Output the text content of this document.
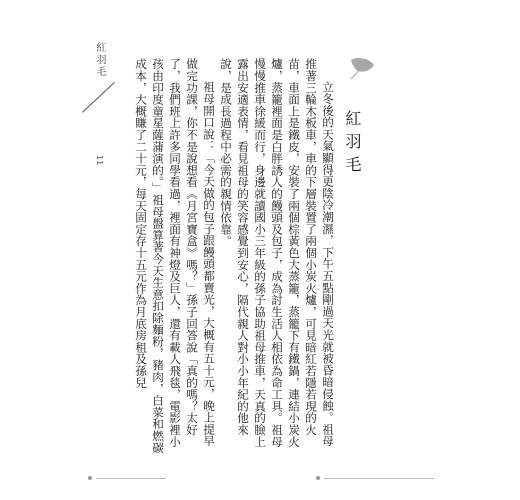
紅羽毛
11	紅羽毛

立冬後的天氣顯得更陰冷潮濕，下午五點剛過天光就被昏暗侵蝕。祖母推著三輪木板車，車的下層裝置了兩個小炭火爐，可見暗紅若隱若現的火苗，車面上是鐵皮，安裝了兩個棕黃色大蒸籠，蒸籠下有鐵鍋，連結小炭火爐，蒸籠裡面是白胖誘人的饅頭及包子，成為討生活人相依為命工具。祖母慢慢推車徐緩而行，身邊就讀國小三年級的孫子協助祖母推車，天真的臉上露出安適表情，看見祖母的笑容感覺到安心，隔代親人對小小年紀的他來說，是成長過程中必需的親情依靠。

祖母開口說：「今天做的包子跟饅頭都賣光，大概有五十元，晚上提早做完功課，你不是說想看《月宮寶盒》嗎？」孫子回答說「真的嗎？太好了，我們班上許多同學看過，裡面有神燈及巨人，還有載人飛毯，電影裡小孩由印度童星薩蒲演的。」祖母盤算著今天生意扣除麵粉，豬肉，白菜和燃碳成本，大概賺了二十元，每天固定存十五元作為月底房租及孫兒
